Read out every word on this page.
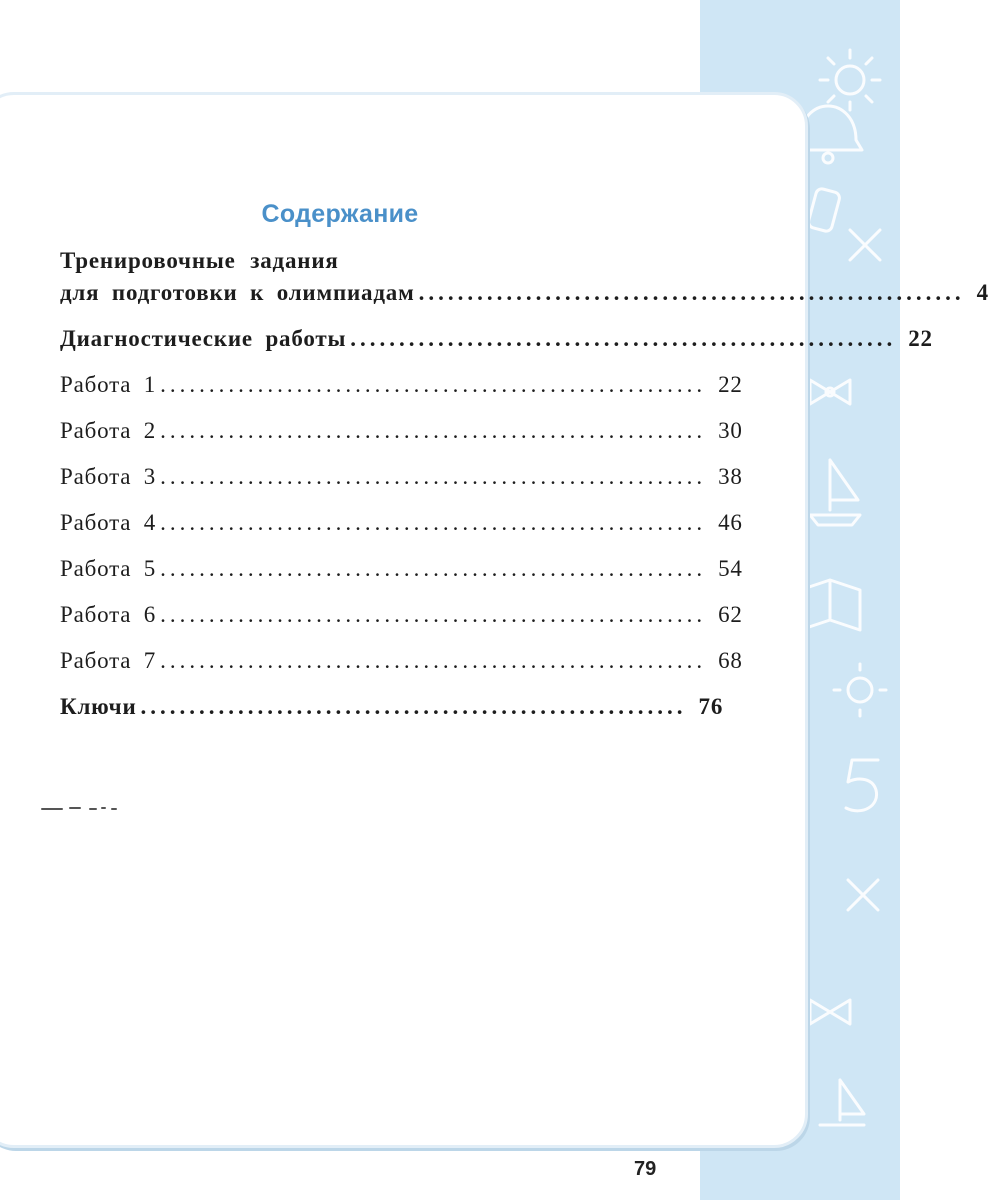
Содержание
Тренировочные задания
для подготовки к олимпиадам ........................................................ 4
Диагностические работы ........................................................ 22
Работа 1 ........................................................ 22
Работа 2 ........................................................ 30
Работа 3 ........................................................ 38
Работа 4 ........................................................ 46
Работа 5 ........................................................ 54
Работа 6 ........................................................ 62
Работа 7 ........................................................ 68
Ключи ........................................................ 76
79
